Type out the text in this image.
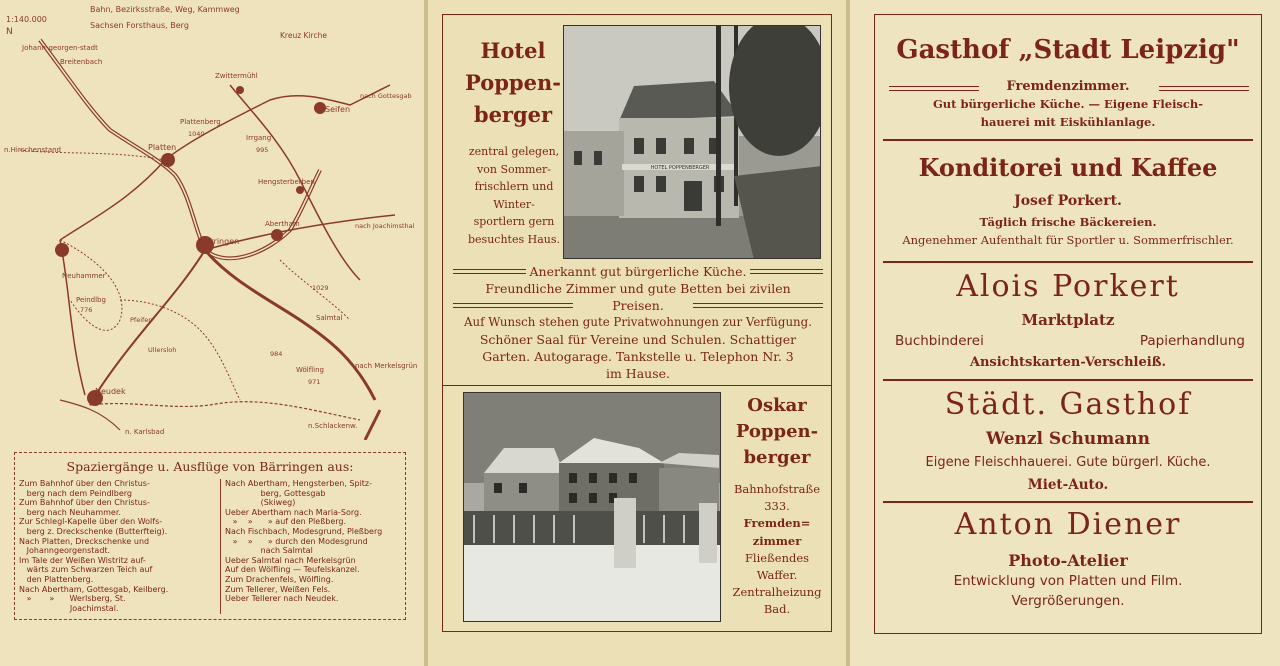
1:140.000
N
Bahn, Bezirksstraße, Weg, Kammweg
Sachsen Forsthaus, Berg
Kreuz Kirche
Johann-georgen-stadt
Breitenbach
Zwittermühl
Seifen
nach Gottesgab
Plattenberg
1040	Irrgang
995
n.Hirschenstand	Platten
Hengsterberben
Abertham
Bärringen
nach Joachimsthal
Neuhammer
Peindlbg
776
Pfeifen	Salmtal
1029
Ullersloh	984
nach Merkelsgrün
Wölfling
971
Neudek
n. Karlsbad
n.Schlackenw.
Spaziergänge u. Ausflüge von Bärringen aus:
Zum Bahnhof über den Christus-
berg nach dem Peindlberg
Zum Bahnhof über den Christus-
berg nach Neuhammer.
Zur Schlegl-Kapelle über den Wolfs-
berg z. Dreckschenke (Butterfteig).
Nach Platten, Dreckschenke und
Johanngeorgenstadt.
Im Tale der Weißen Wistritz auf-
wärts zum Schwarzen Teich auf
den Plattenberg.
Nach Abertham, Gottesgab, Keilberg.
»       »      Werlsberg, St.
Joachimstal.
Nach Abertham, Hengsterben, Spitz-
berg, Gottesgab
(Skiweg)
Ueber Abertham nach Maria-Sorg.
»    »      » auf den Pleßberg.
Nach Fischbach, Modesgrund, Pleßberg
»    »      » durch den Modesgrund
nach Salmtal
Ueber Salmtal nach Merkelsgrün
Auf den Wölfling — Teufelskanzel.
Zum Drachenfels, Wölfling.
Zum Tellerer, Weißen Fels.
Ueber Tellerer nach Neudek.
Hotel
Poppen-
berger
zentral gelegen,
von Sommer-
frischlern und
Winter-
sportlern gern
besuchtes Haus.
HOTEL POPPENBERGER
Anerkannt gut bürgerliche Küche.
Freundliche Zimmer und gute Betten bei zivilen
Preisen.
Auf Wunsch stehen gute Privatwohnungen zur Verfügung.
Schöner Saal für Vereine und Schulen. Schattiger
Garten. Autogarage. Tankstelle u. Telephon Nr. 3
im Hause.
Oskar
Poppen-
berger
Bahnhofstraße
333.
Fremden=
zimmer
Fließendes
Waffer.
Zentralheizung
Bad.
Gasthof „Stadt Leipzig"
Fremdenzimmer.
Gut bürgerliche Küche. — Eigene Fleisch-
hauerei mit Eiskühlanlage.
Konditorei und Kaffee
Josef Porkert.
Täglich frische Bäckereien.
Angenehmer Aufenthalt für Sportler u. Sommerfrischler.
Alois Porkert
Marktplatz
Buchbinderei	Papierhandlung
Ansichtskarten-Verschleiß.
Städt. Gasthof
Wenzl Schumann
Eigene Fleischhauerei. Gute bürgerl. Küche.
Miet-Auto.
Anton Diener
Photo-Atelier
Entwicklung von Platten und Film.
Vergrößerungen.
